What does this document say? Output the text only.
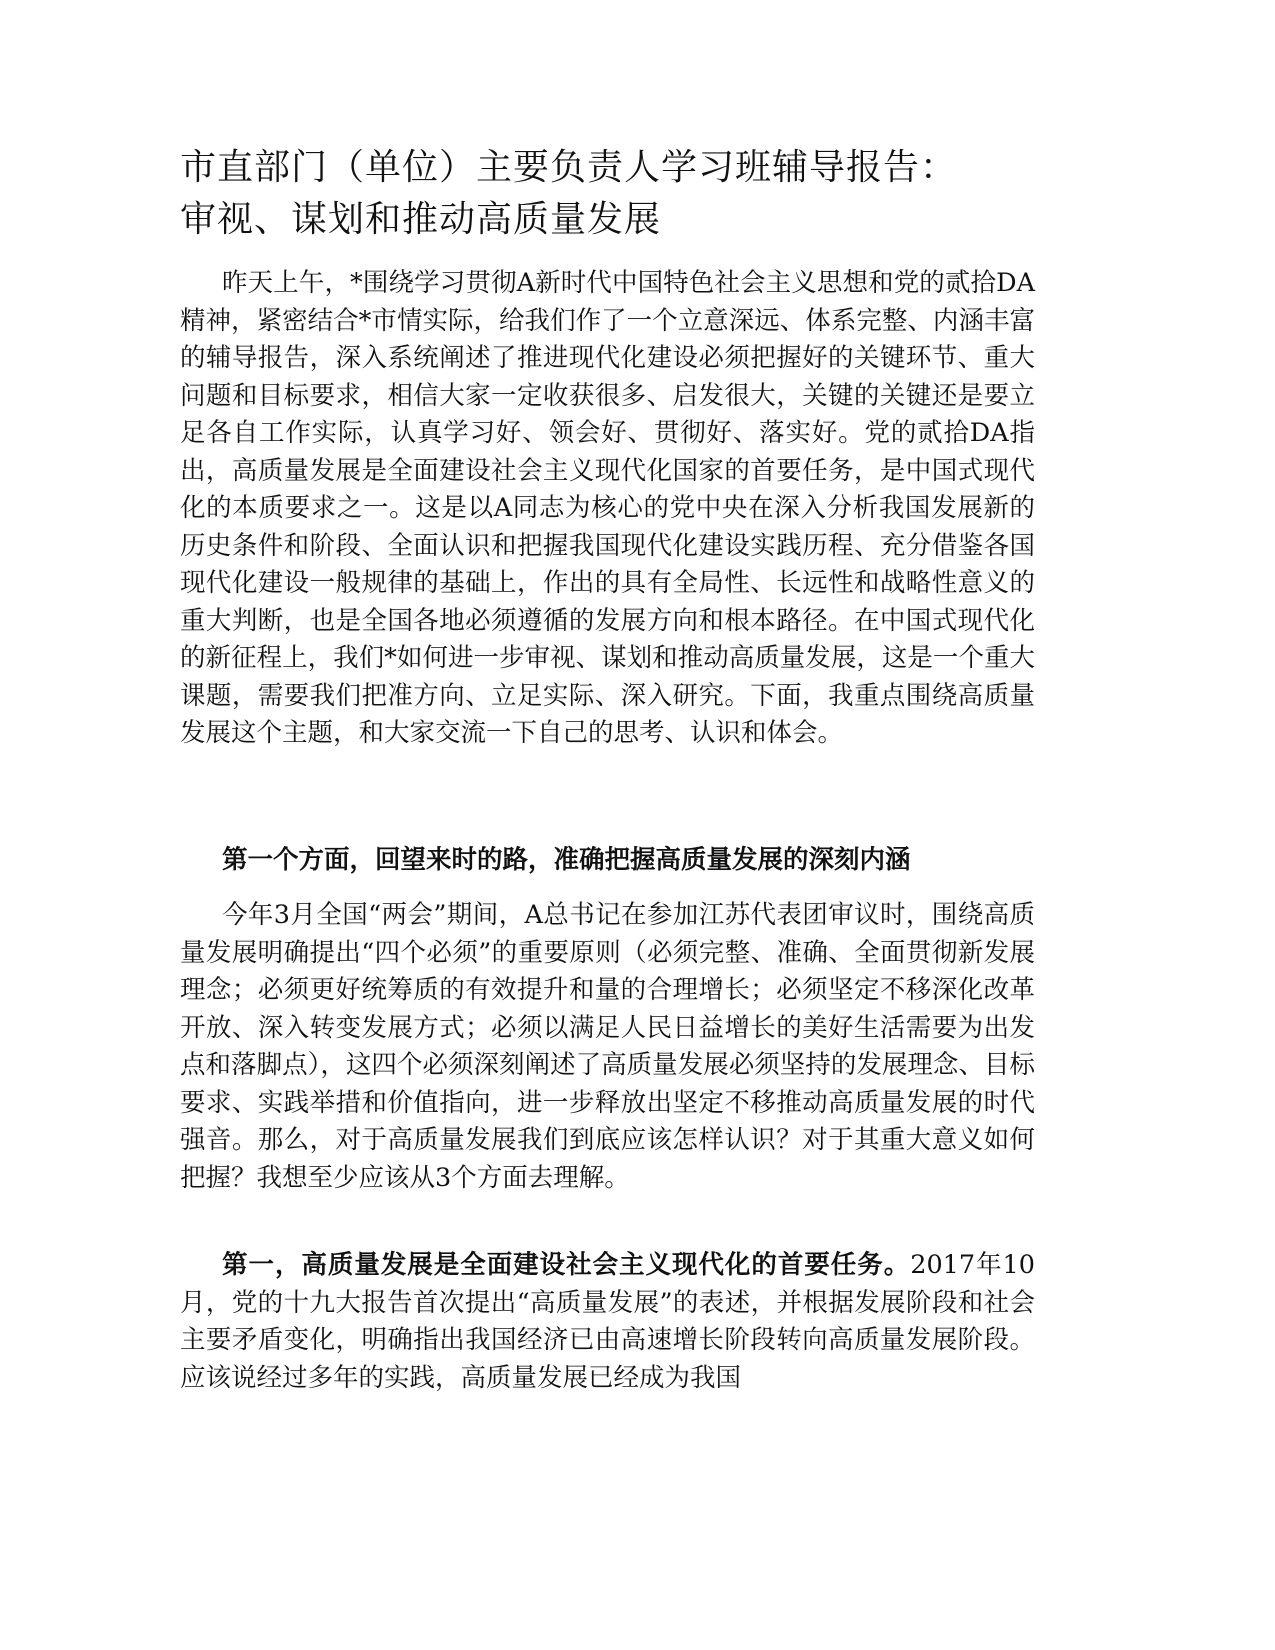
市直部门（单位）主要负责人学习班辅导报告：
审视、谋划和推动高质量发展

昨天上午，*围绕学习贯彻A新时代中国特色社会主义思想和党的贰拾DA精神，紧密结合*市情实际，给我们作了一个立意深远、体系完整、内涵丰富的辅导报告，深入系统阐述了推进现代化建设必须把握好的关键环节、重大问题和目标要求，相信大家一定收获很多、启发很大，关键的关键还是要立足各自工作实际，认真学习好、领会好、贯彻好、落实好。党的贰拾DA指出，高质量发展是全面建设社会主义现代化国家的首要任务，是中国式现代化的本质要求之一。这是以A同志为核心的党中央在深入分析我国发展新的历史条件和阶段、全面认识和把握我国现代化建设实践历程、充分借鉴各国现代化建设一般规律的基础上，作出的具有全局性、长远性和战略性意义的重大判断，也是全国各地必须遵循的发展方向和根本路径。在中国式现代化的新征程上，我们*如何进一步审视、谋划和推动高质量发展，这是一个重大课题，需要我们把准方向、立足实际、深入研究。下面，我重点围绕高质量发展这个主题，和大家交流一下自己的思考、认识和体会。

第一个方面，回望来时的路，准确把握高质量发展的深刻内涵

今年3月全国“两会”期间，A总书记在参加江苏代表团审议时，围绕高质量发展明确提出“四个必须”的重要原则（必须完整、准确、全面贯彻新发展理念；必须更好统筹质的有效提升和量的合理增长；必须坚定不移深化改革开放、深入转变发展方式；必须以满足人民日益增长的美好生活需要为出发点和落脚点），这四个必须深刻阐述了高质量发展必须坚持的发展理念、目标要求、实践举措和价值指向，进一步释放出坚定不移推动高质量发展的时代强音。那么，对于高质量发展我们到底应该怎样认识？对于其重大意义如何把握？我想至少应该从3个方面去理解。

第一，高质量发展是全面建设社会主义现代化的首要任务。2017年10月，党的十九大报告首次提出“高质量发展”的表述，并根据发展阶段和社会主要矛盾变化，明确指出我国经济已由高速增长阶段转向高质量发展阶段。应该说经过多年的实践，高质量发展已经成为我国
